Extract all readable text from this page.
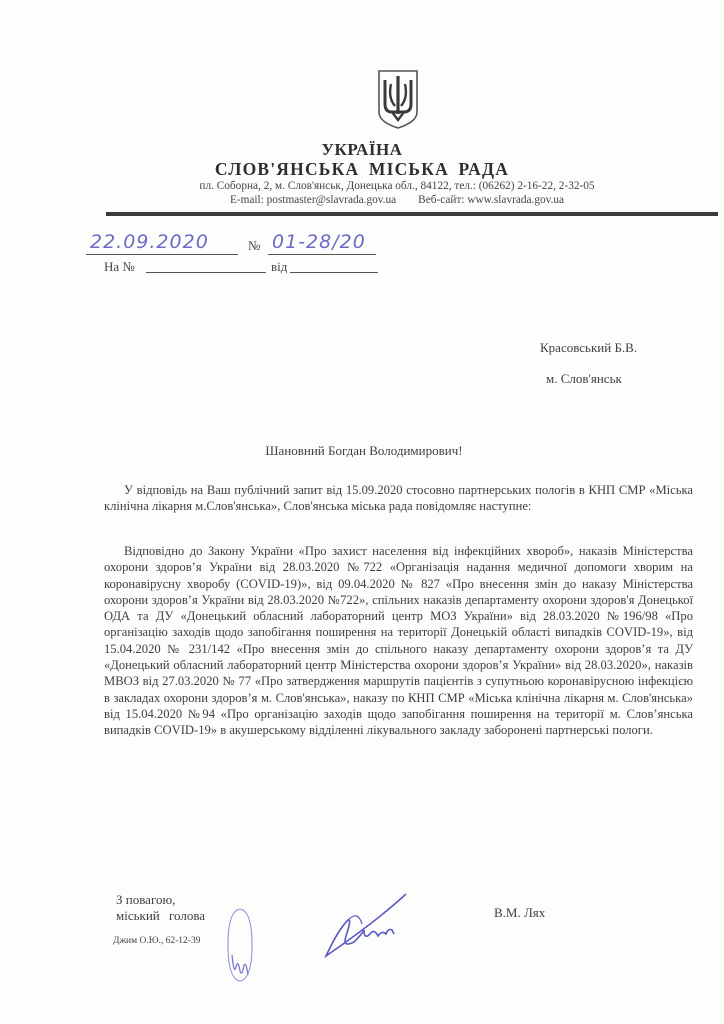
УКРАЇНА
СЛОВ'ЯНСЬКА МІСЬКА РАДА
пл. Соборна, 2, м. Слов'янськ, Донецька обл., 84122, тел.: (06262) 2-16-22, 2-32-05
E-mail: postmaster@slavrada.gov.ua Веб-сайт: www.slavrada.gov.ua
22.09.2020	№ 01-28/20
На №	від
Красовський Б.В.
м. Слов'янськ
Шановний Богдан Володимирович!
У відповідь на Ваш публічний запит від 15.09.2020 стосовно партнерських пологів в КНП СМР «Міська клінічна лікарня м.Слов'янська», Слов'янська міська рада повідомляє наступне:
Відповідно до Закону України «Про захист населення від інфекційних хвороб», наказів Міністерства охорони здоров’я України від 28.03.2020 №722 «Організація надання медичної допомоги хворим на коронавірусну хворобу (COVID-19)», від 09.04.2020 № 827 «Про внесення змін до наказу Міністерства охорони здоров’я України від 28.03.2020 №722», спільних наказів департаменту охорони здоров'я Донецької ОДА та ДУ «Донецький обласний лабораторний центр МОЗ України» від 28.03.2020 №196/98 «Про організацію заходів щодо запобігання поширення на території Донецькій області випадків COVID-19», від 15.04.2020 № 231/142 «Про внесення змін до спільного наказу департаменту охорони здоров’я та ДУ «Донецький обласний лабораторний центр Міністерства охорони здоров’я України» від 28.03.2020», наказів МВОЗ від 27.03.2020 № 77 «Про затвердження маршрутів пацієнтів з супутньою коронавірусною інфекцією в закладах охорони здоров’я м. Слов'янська», наказу по КНП СМР «Міська клінічна лікарня м. Слов'янська» від 15.04.2020 №94 «Про організацію заходів щодо запобігання поширення на території м. Слов’янська випадків COVID-19» в акушерському відділенні лікувального закладу заборонені партнерські пологи.
З повагою,
міський голова
Джим О.Ю., 62-12-39
В.М. Лях
